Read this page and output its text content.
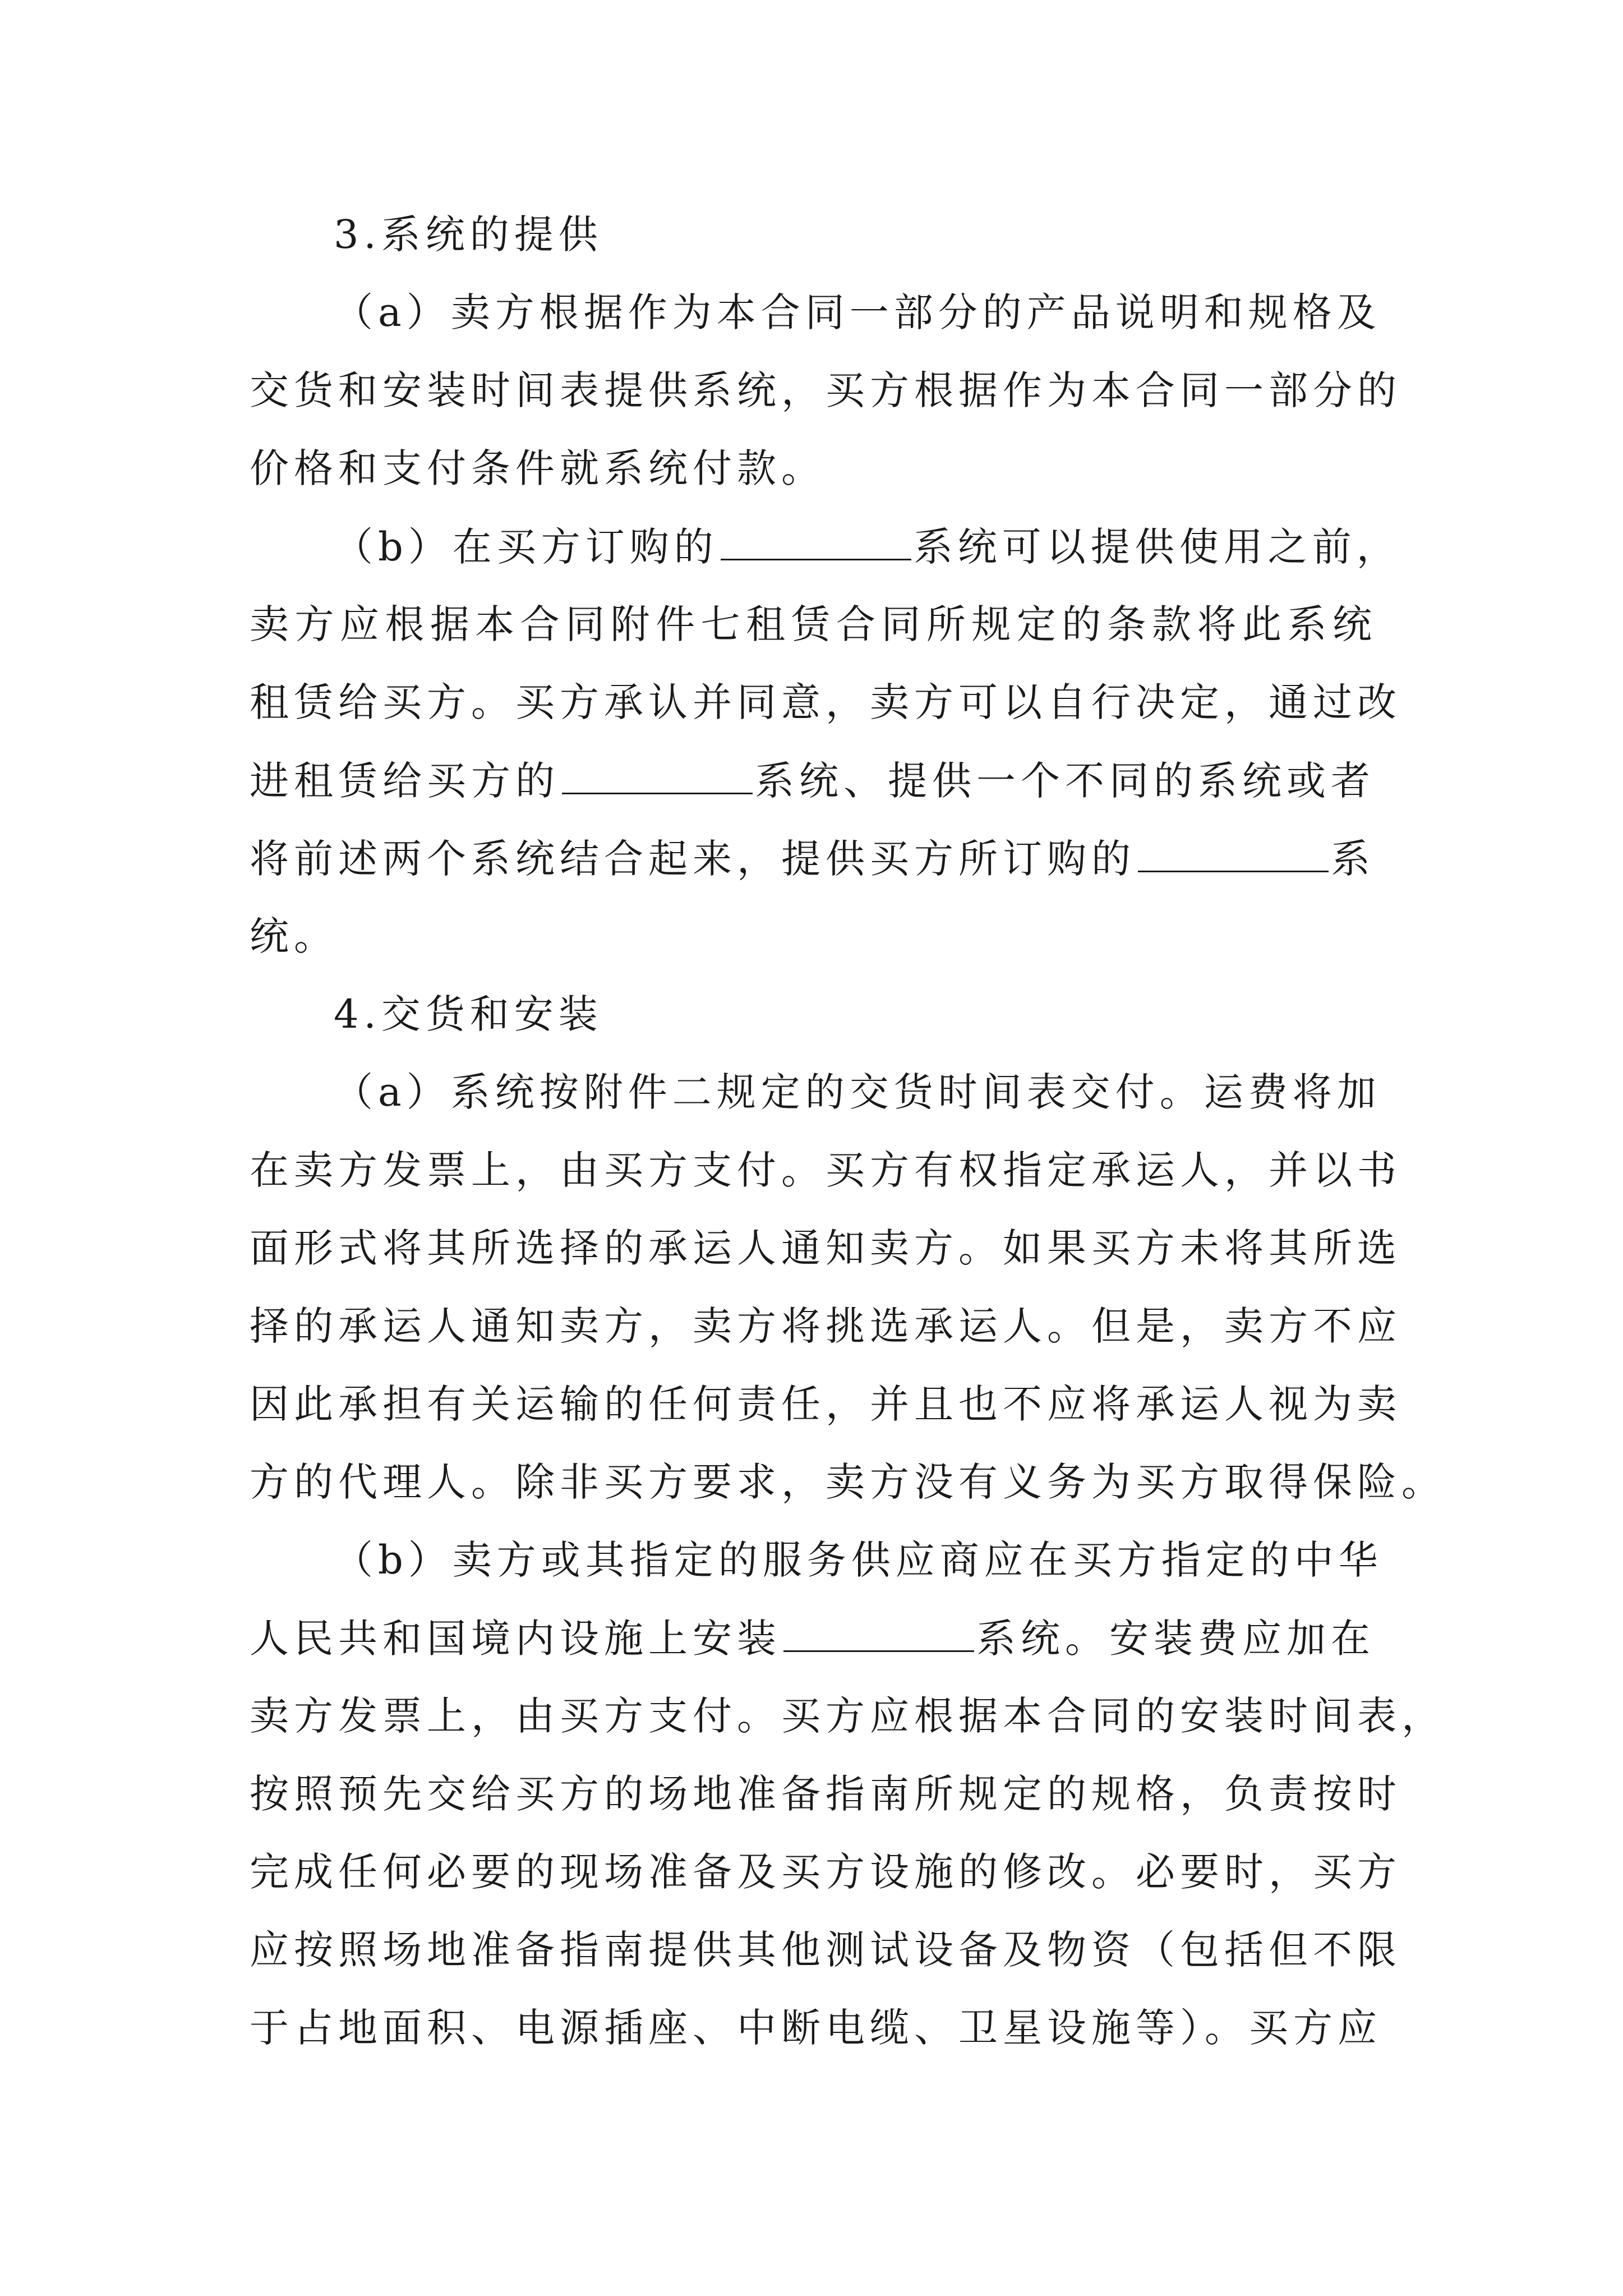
3.系统的提供
（a）卖方根据作为本合同一部分的产品说明和规格及
交货和安装时间表提供系统，买方根据作为本合同一部分的
价格和支付条件就系统付款。
（b）在买方订购的	系统可以提供使用之前，
卖方应根据本合同附件七租赁合同所规定的条款将此系统
租赁给买方。买方承认并同意，卖方可以自行决定，通过改
进租赁给买方的	系统、提供一个不同的系统或者
将前述两个系统结合起来，提供买方所订购的	系
统。
4.交货和安装
（a）系统按附件二规定的交货时间表交付。运费将加
在卖方发票上，由买方支付。买方有权指定承运人，并以书
面形式将其所选择的承运人通知卖方。如果买方未将其所选
择的承运人通知卖方，卖方将挑选承运人。但是，卖方不应
因此承担有关运输的任何责任，并且也不应将承运人视为卖
方的代理人。除非买方要求，卖方没有义务为买方取得保险。
（b）卖方或其指定的服务供应商应在买方指定的中华
人民共和国境内设施上安装	系统。安装费应加在
卖方发票上，由买方支付。买方应根据本合同的安装时间表，
按照预先交给买方的场地准备指南所规定的规格，负责按时
完成任何必要的现场准备及买方设施的修改。必要时，买方
应按照场地准备指南提供其他测试设备及物资（包括但不限
于占地面积、电源插座、中断电缆、卫星设施等）。买方应
